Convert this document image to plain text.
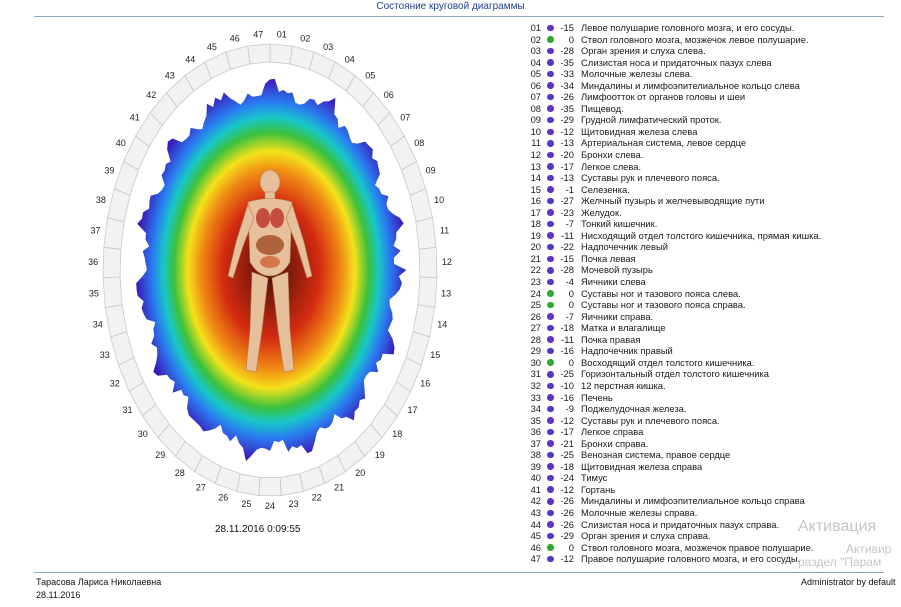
Состояние круговой диаграммы
01 02
03
04
05
06
07
08
09
10
11
12
13
14
15
16
17
18
19
20
21
22
23
24
25
26
27
28
29
30
31
32
33
34
35
36
37
38
39
40
41
42
43
44
45
46 47
28.11.2016 0:09:55
01	-15 Левое полушарие головного мозга, и его сосуды.
02	0 Ствол головного мозга, мозжечок левое полушарие.
03	-28 Орган зрения и слуха слева.
04	-35 Слизистая носа и придаточных пазух слева
05	-33 Молочные железы слева.
06	-34 Миндалины и лимфоэпителиальное кольцо слева
07	-26 Лимфоотток от органов головы и шеи
08	-35 Пищевод.
09	-29 Грудной лимфатический проток.
10	-12 Щитовидная железа слева
11	-13 Артериальная система, левое сердце
12	-20 Бронхи слева.
13	-17 Легкое слева.
14	-13 Суставы рук и плечевого пояса.
15	-1 Селезенка.
16	-27 Желчный пузырь и желчевыводящие пути
17	-23 Желудок.
18	-7 Тонкий кишечник.
19	-11 Нисходящий отдел толстого кишечника, прямая кишка.
20	-22 Надпочечник левый
21	-15 Почка левая
22	-28 Мочевой пузырь
23	-4 Яичники слева
24	0 Суставы ног и тазового пояса слева.
25	0 Суставы ног и тазового пояса справа.
26	-7 Яичники справа.
27	-18 Матка и влагалище
28	-11 Почка правая
29	-16 Надпочечник правый
30	0 Восходящий отдел толстого кишечника.
31	-25 Горизонтальный отдел толстого кишечника
32	-10 12 перстная кишка.
33	-16 Печень
34	-9 Поджелудочная железа.
35	-12 Суставы рук и плечевого пояса.
36	-17 Легкое справа
37	-21 Бронхи справа.
38	-25 Венозная система, правое сердце
39	-18 Щитовидная железа справа
40	-24 Тимус
41	-12 Гортань
42	-26 Миндалины и лимфоэпителиальное кольцо справа
43	-26 Молочные железы справа.
44	-26 Слизистая носа и придаточных пазух справа.
45	-29 Орган зрения и слуха справа.
46	0 Ствол головного мозга, мозжечок правое полушарие.
47	-12 Правое полушарие головного мозга, и его сосуды.
Тарасова Лариса Николаевна
28.11.2016
Administrator by default
Активация
Активир
раздел "Парам
